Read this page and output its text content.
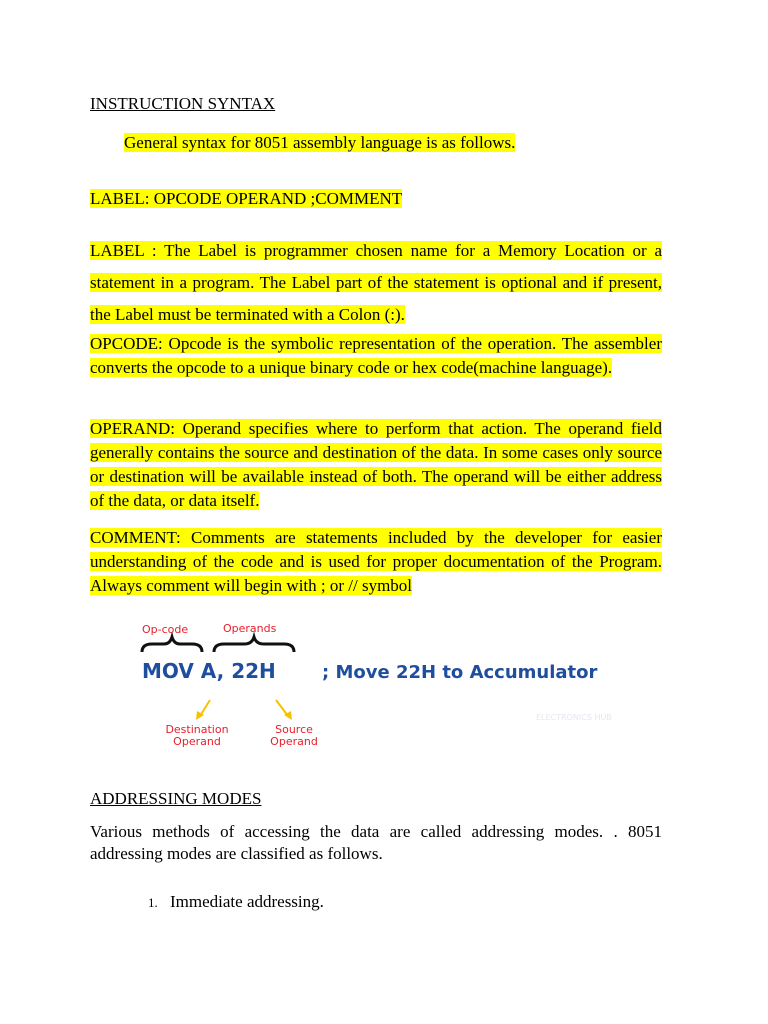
INSTRUCTION SYNTAX
General syntax for 8051 assembly language is as follows.
LABEL: OPCODE OPERAND ;COMMENT
LABEL : The Label is programmer chosen name for a Memory Location or a statement in a program. The Label part of the statement is optional and if present, the Label must be terminated with a Colon (:).
OPCODE: Opcode is the symbolic representation of the operation. The assembler converts the opcode to a unique binary code or hex code(machine language).
OPERAND: Operand specifies where to perform that action. The operand field generally contains the source and destination of the data. In some cases only source or destination will be available instead of both. The operand will be either address of the data, or data itself.
COMMENT: Comments are statements included by the developer for easier understanding of the code and is used for proper documentation of the Program. Always comment will begin with ; or // symbol
Op-code	Operands
MOV A, 22H	; Move 22H to Accumulator
Destination
Operand
Source
Operand
ELECTRONICS HUB
ADDRESSING MODES
Various methods of accessing the data are called addressing modes. . 8051 addressing modes are classified as follows.
1. Immediate addressing.
